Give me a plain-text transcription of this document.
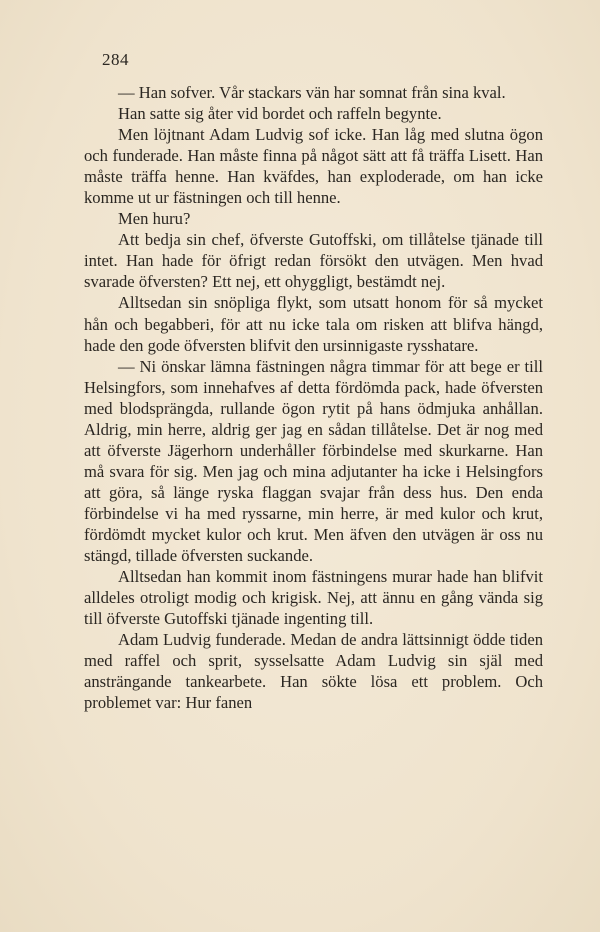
284

— Han sofver. Vår stackars vän har somnat från sina kval.

Han satte sig åter vid bordet och raffeln begynte.

Men löjtnant Adam Ludvig sof icke. Han låg med slutna ögon och funderade. Han måste finna på något sätt att få träffa Lisett. Han måste träffa henne. Han kväfdes, han exploderade, om han icke komme ut ur fästningen och till henne.

Men huru?

Att bedja sin chef, öfverste Gutoffski, om tillåtelse tjänade till intet. Han hade för öfrigt redan försökt den utvägen. Men hvad svarade öfversten? Ett nej, ett ohyggligt, bestämdt nej.

Alltsedan sin snöpliga flykt, som utsatt honom för så mycket hån och begabberi, för att nu icke tala om risken att blifva hängd, hade den gode öfversten blifvit den ursinnigaste rysshatare.

— Ni önskar lämna fästningen några timmar för att bege er till Helsingfors, som innehafves af detta fördömda pack, hade öfversten med blodsprängda, rullande ögon rytit på hans ödmjuka anhållan. Aldrig, min herre, aldrig ger jag en sådan tillåtelse. Det är nog med att öfverste Jägerhorn underhåller förbindelse med skurkarne. Han må svara för sig. Men jag och mina adjutanter ha icke i Helsingfors att göra, så länge ryska flaggan svajar från dess hus. Den enda förbindelse vi ha med ryssarne, min herre, är med kulor och krut, fördömdt mycket kulor och krut. Men äfven den utvägen är oss nu stängd, tillade öfversten suckande.

Alltsedan han kommit inom fästningens murar hade han blifvit alldeles otroligt modig och krigisk. Nej, att ännu en gång vända sig till öfverste Gutoffski tjänade ingenting till.

Adam Ludvig funderade. Medan de andra lättsinnigt ödde tiden med raffel och sprit, sysselsatte Adam Ludvig sin själ med ansträngande tankearbete. Han sökte lösa ett problem. Och problemet var: Hur fanen
